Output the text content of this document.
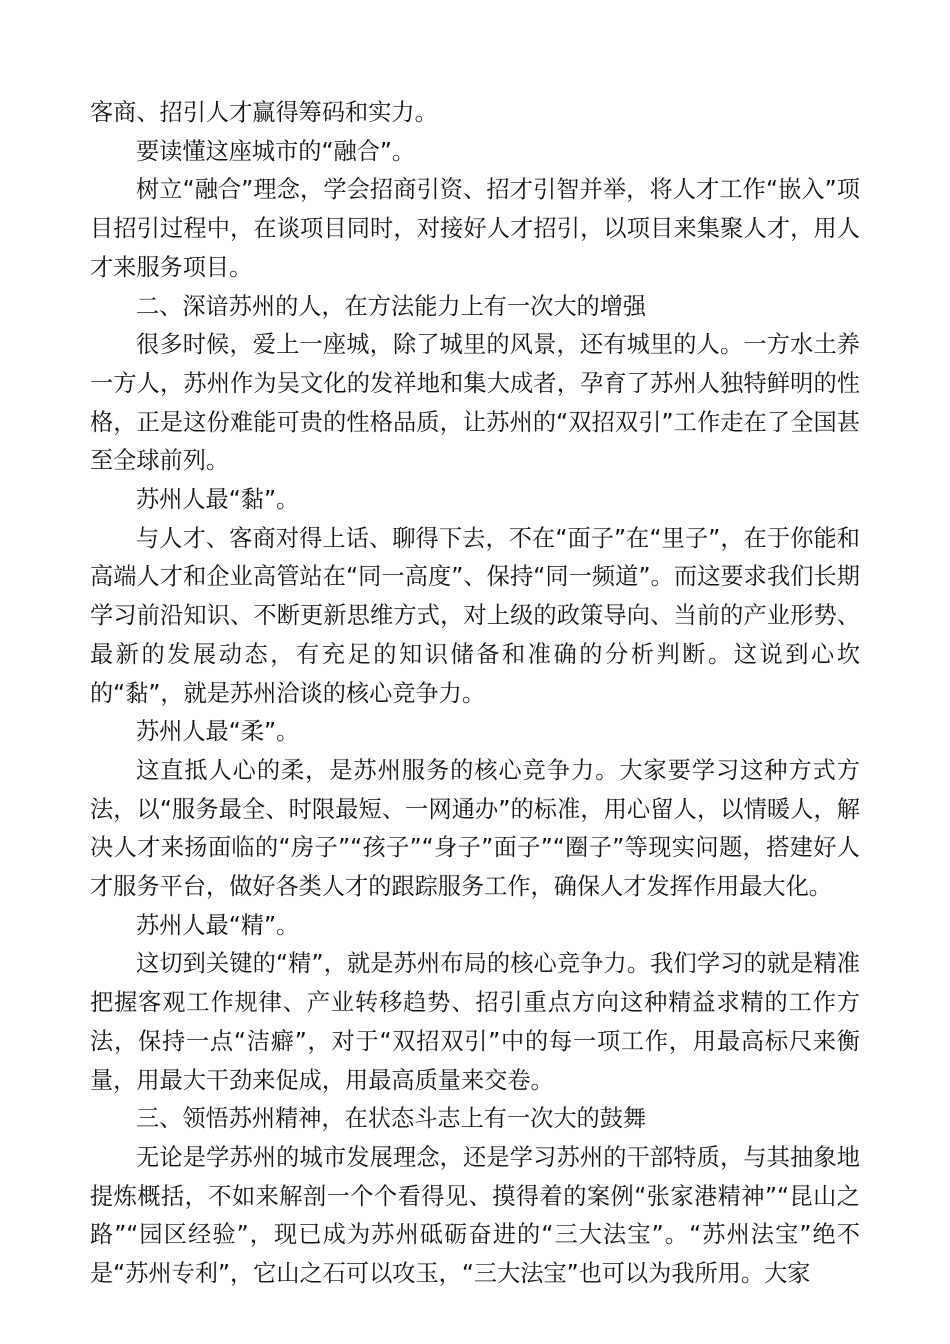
客商、招引人才赢得筹码和实力。

要读懂这座城市的“融合”。

树立“融合”理念，学会招商引资、招才引智并举，将人才工作“嵌入”项目招引过程中，在谈项目同时，对接好人才招引，以项目来集聚人才，用人才来服务项目。

二、深谙苏州的人，在方法能力上有一次大的增强

很多时候，爱上一座城，除了城里的风景，还有城里的人。一方水土养一方人，苏州作为吴文化的发祥地和集大成者，孕育了苏州人独特鲜明的性格，正是这份难能可贵的性格品质，让苏州的“双招双引”工作走在了全国甚至全球前列。

苏州人最“黏”。

与人才、客商对得上话、聊得下去，不在“面子”在“里子”，在于你能和高端人才和企业高管站在“同一高度”、保持“同一频道”。而这要求我们长期学习前沿知识、不断更新思维方式，对上级的政策导向、当前的产业形势、最新的发展动态，有充足的知识储备和准确的分析判断。这说到心坎的“黏”，就是苏州洽谈的核心竞争力。

苏州人最“柔”。

这直抵人心的柔，是苏州服务的核心竞争力。大家要学习这种方式方法，以“服务最全、时限最短、一网通办”的标准，用心留人，以情暖人，解决人才来扬面临的“房子”“孩子”“身子”面子”“圈子”等现实问题，搭建好人才服务平台，做好各类人才的跟踪服务工作，确保人才发挥作用最大化。

苏州人最“精”。

这切到关键的“精”，就是苏州布局的核心竞争力。我们学习的就是精准把握客观工作规律、产业转移趋势、招引重点方向这种精益求精的工作方法，保持一点“洁癖”，对于“双招双引”中的每一项工作，用最高标尺来衡量，用最大干劲来促成，用最高质量来交卷。

三、领悟苏州精神，在状态斗志上有一次大的鼓舞

无论是学苏州的城市发展理念，还是学习苏州的干部特质，与其抽象地提炼概括，不如来解剖一个个看得见、摸得着的案例“张家港精神”“昆山之路”“园区经验”，现已成为苏州砥砺奋进的“三大法宝”。“苏州法宝”绝不是“苏州专利”，它山之石可以攻玉，“三大法宝”也可以为我所用。大家
